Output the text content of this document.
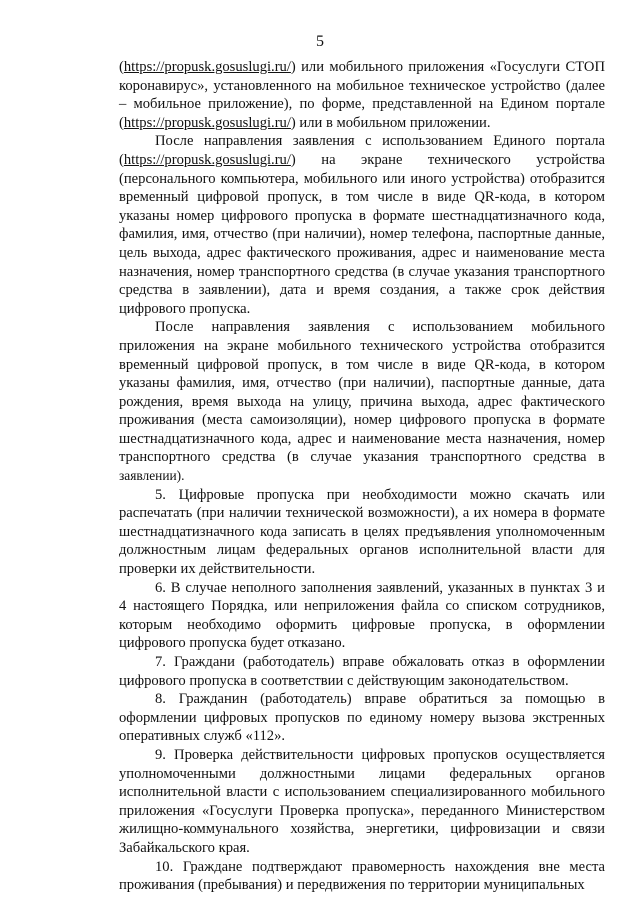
5
(https://propusk.gosuslugi.ru/) или мобильного приложения «Госуслуги СТОП
коронавирус», установленного на мобильное техническое устройство (далее
– мобильное приложение), по форме, представленной на Едином портале
(https://propusk.gosuslugi.ru/) или в мобильном приложении.
После направления заявления с использованием Единого портала
(https://propusk.gosuslugi.ru/) на экране технического устройства
(персонального компьютера, мобильного или иного устройства) отобразится
временный цифровой пропуск, в том числе в виде QR-кода, в котором
указаны номер цифрового пропуска в формате шестнадцатизначного кода,
фамилия, имя, отчество (при наличии), номер телефона, паспортные данные,
цель выхода, адрес фактического проживания, адрес и наименование места
назначения, номер транспортного средства (в случае указания транспортного
средства в заявлении), дата и время создания, а также срок действия
цифрового пропуска.
После направления заявления с использованием мобильного
приложения на экране мобильного технического устройства отобразится
временный цифровой пропуск, в том числе в виде QR-кода, в котором
указаны фамилия, имя, отчество (при наличии), паспортные данные, дата
рождения, время выхода на улицу, причина выхода, адрес фактического
проживания (места самоизоляции), номер цифрового пропуска в формате
шестнадцатизначного кода, адрес и наименование места назначения, номер
транспортного средства (в случае указания транспортного средства в
заявлении).
5. Цифровые пропуска при необходимости можно скачать или
распечатать (при наличии технической возможности), а их номера в формате
шестнадцатизначного кода записать в целях предъявления уполномоченным
должностным лицам федеральных органов исполнительной власти для
проверки их действительности.
6. В случае неполного заполнения заявлений, указанных в пунктах 3 и
4 настоящего Порядка, или неприложения файла со списком сотрудников,
которым необходимо оформить цифровые пропуска, в оформлении
цифрового пропуска будет отказано.
7. Граждани (работодатель) вправе обжаловать отказ в оформлении
цифрового пропуска в соответствии с действующим законодательством.
8. Гражданин (работодатель) вправе обратиться за помощью в
оформлении цифровых пропусков по единому номеру вызова экстренных
оперативных служб «112».
9. Проверка действительности цифровых пропусков осуществляется
уполномоченными должностными лицами федеральных органов
исполнительной власти с использованием специализированного мобильного
приложения «Госуслуги Проверка пропуска», переданного Министерством
жилищно-коммунального хозяйства, энергетики, цифровизации и связи
Забайкальского края.
10. Граждане подтверждают правомерность нахождения вне места
проживания (пребывания) и передвижения по территории муниципальных
